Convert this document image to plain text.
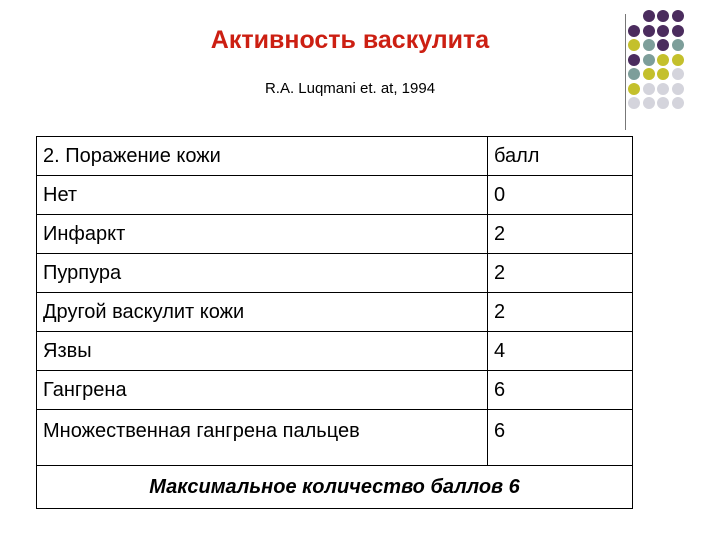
Активность васкулита
R.A. Luqmani et. at, 1994
2. Поражение кожи	балл
Нет	0
Инфаркт	2
Пурпура	2
Другой васкулит кожи	2
Язвы	4
Гангрена	6
Множественная гангрена пальцев	6
Максимальное количество баллов 6	
